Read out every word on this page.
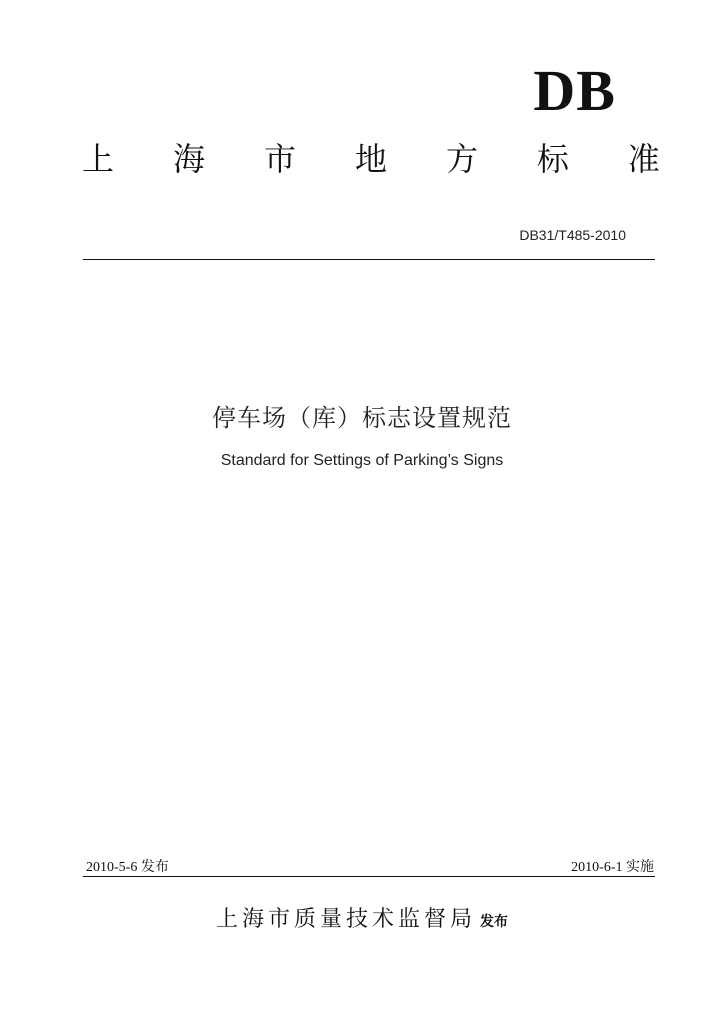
DB
上 海 市 地 方 标 准
DB31/T485-2010
停车场（库）标志设置规范
Standard for Settings of Parking’s Signs
2010-5-6 发布	2010-6-1 实施
上海市质量技术监督局 发布
